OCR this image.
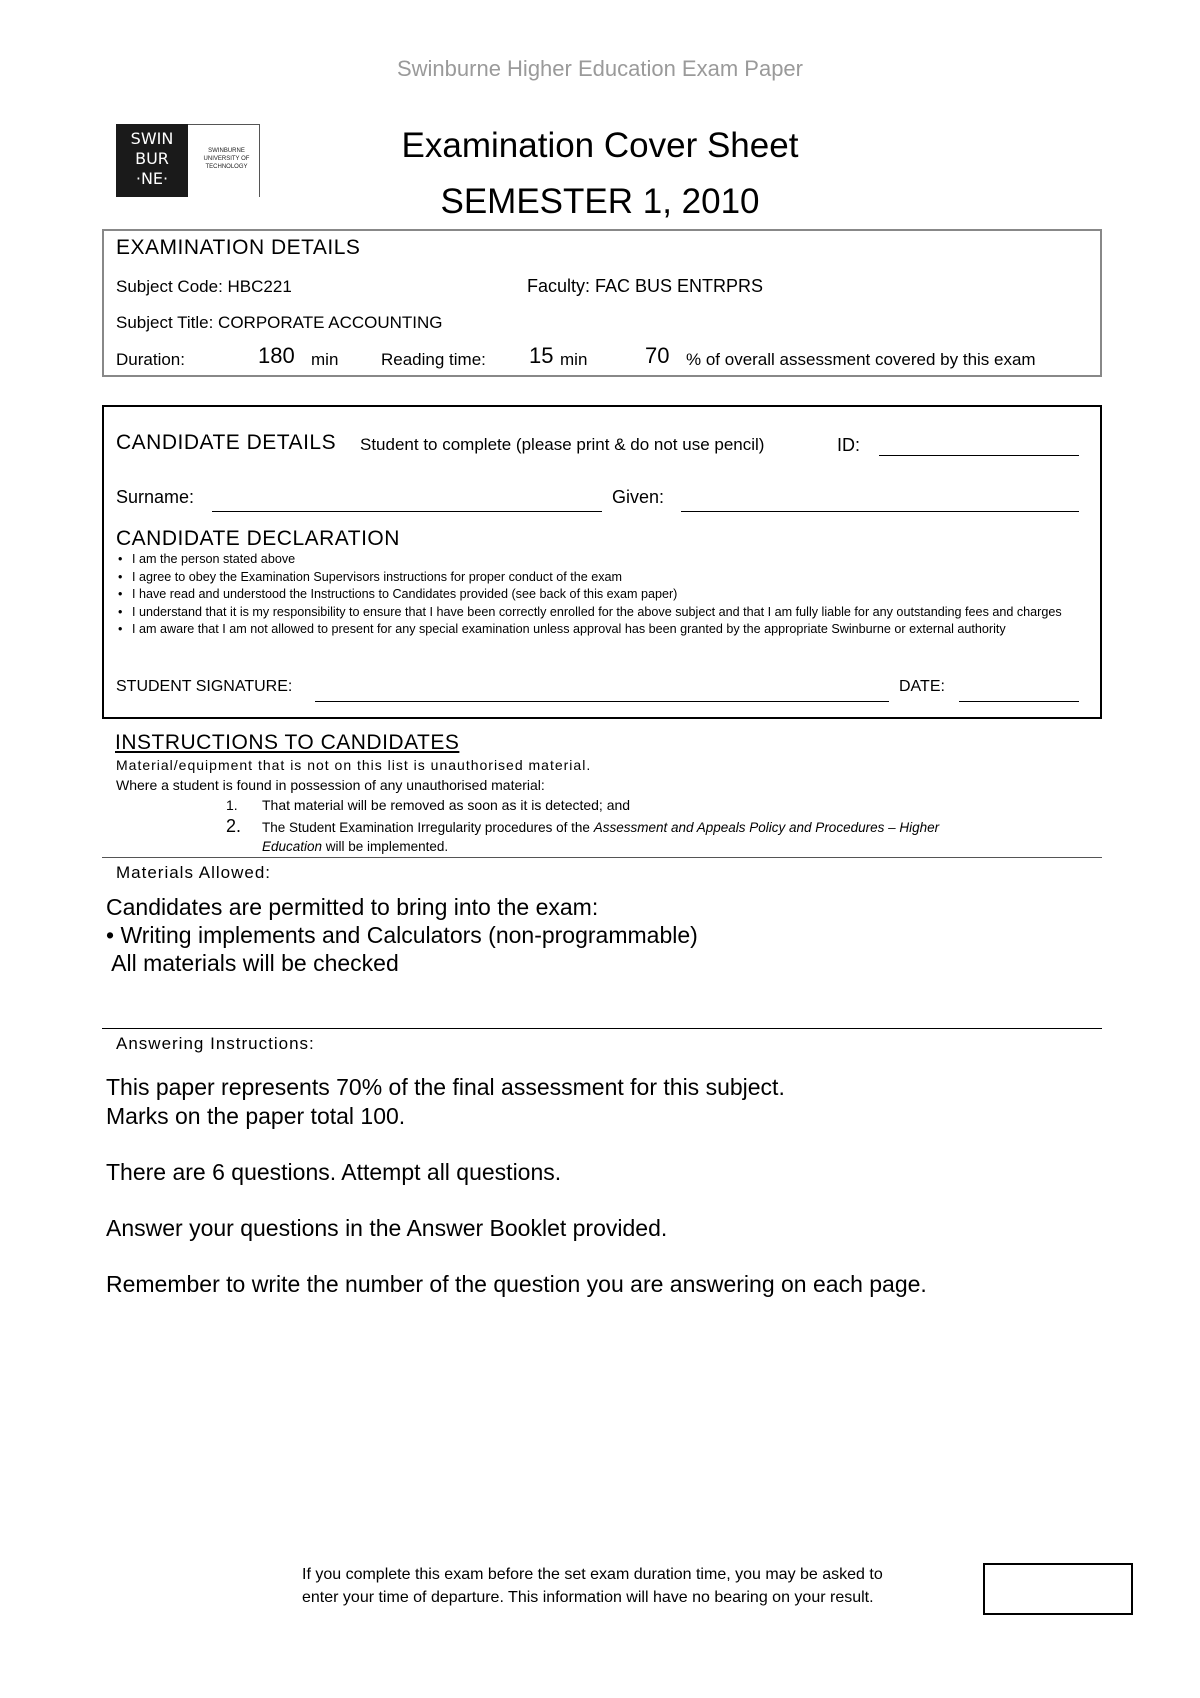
Swinburne Higher Education Exam Paper
SWIN
BUR
·NE·
SWINBURNE
UNIVERSITY OF
TECHNOLOGY
Examination Cover Sheet
SEMESTER 1, 2010
EXAMINATION DETAILS
Subject Code: HBC221	Faculty: FAC BUS ENTRPRS
Subject Title: CORPORATE ACCOUNTING
Duration:	180 min	Reading time: 15 min	70 % of overall assessment covered by this exam
CANDIDATE DETAILS Student to complete (please print & do not use pencil)	ID:
Surname:	Given:
CANDIDATE DECLARATION
• I am the person stated above
• I agree to obey the Examination Supervisors instructions for proper conduct of the exam
• I have read and understood the Instructions to Candidates provided (see back of this exam paper)
• I understand that it is my responsibility to ensure that I have been correctly enrolled for the above subject and that I am fully liable for any outstanding fees and charges
• I am aware that I am not allowed to present for any special examination unless approval has been granted by the appropriate Swinburne or external authority
STUDENT SIGNATURE:	DATE:
INSTRUCTIONS TO CANDIDATES
Material/equipment that is not on this list is unauthorised material.
Where a student is found in possession of any unauthorised material:
1. That material will be removed as soon as it is detected; and
2. The Student Examination Irregularity procedures of the Assessment and Appeals Policy and Procedures – Higher
Education will be implemented.
Materials Allowed:
Candidates are permitted to bring into the exam:
• Writing implements and Calculators (non-programmable)
All materials will be checked
Answering Instructions:
This paper represents 70% of the final assessment for this subject.
Marks on the paper total 100.
There are 6 questions. Attempt all questions.
Answer your questions in the Answer Booklet provided.
Remember to write the number of the question you are answering on each page.
If you complete this exam before the set exam duration time, you may be asked to
enter your time of departure. This information will have no bearing on your result.
